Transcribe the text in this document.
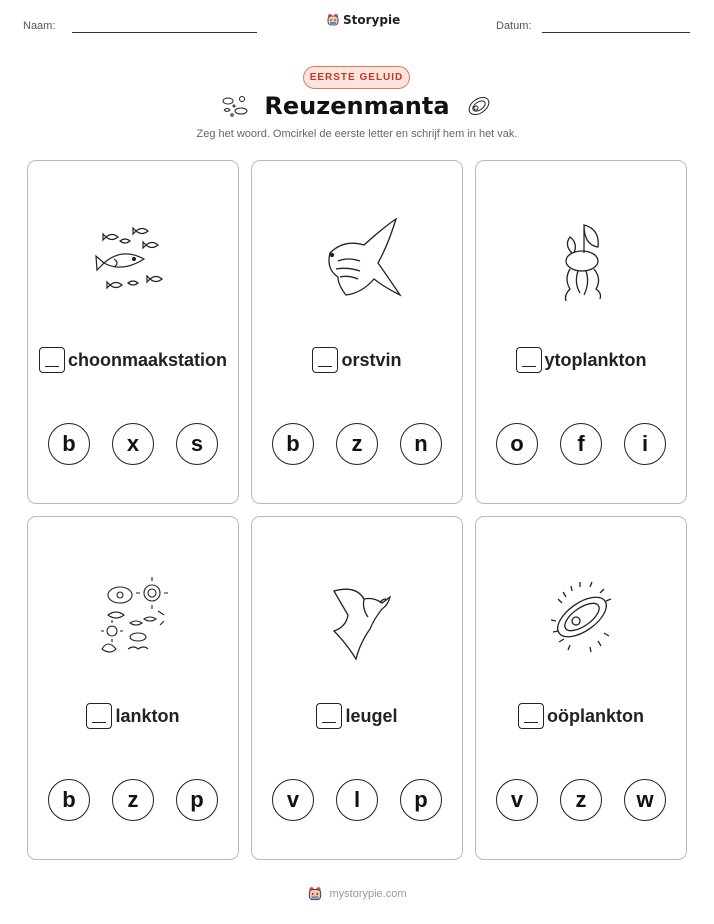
Naam:	Storypie	Datum:
EERSTE GELUID
Reuzenmanta
Zeg het woord. Omcirkel de eerste letter en schrijf hem in het vak.
choonmaakstation
b	x	s
orstvin
b	z	n
ytoplankton
o	f	i
lankton
b	z	p
leugel
v	l	p
oöplankton
v	z	w
mystorypie.com
